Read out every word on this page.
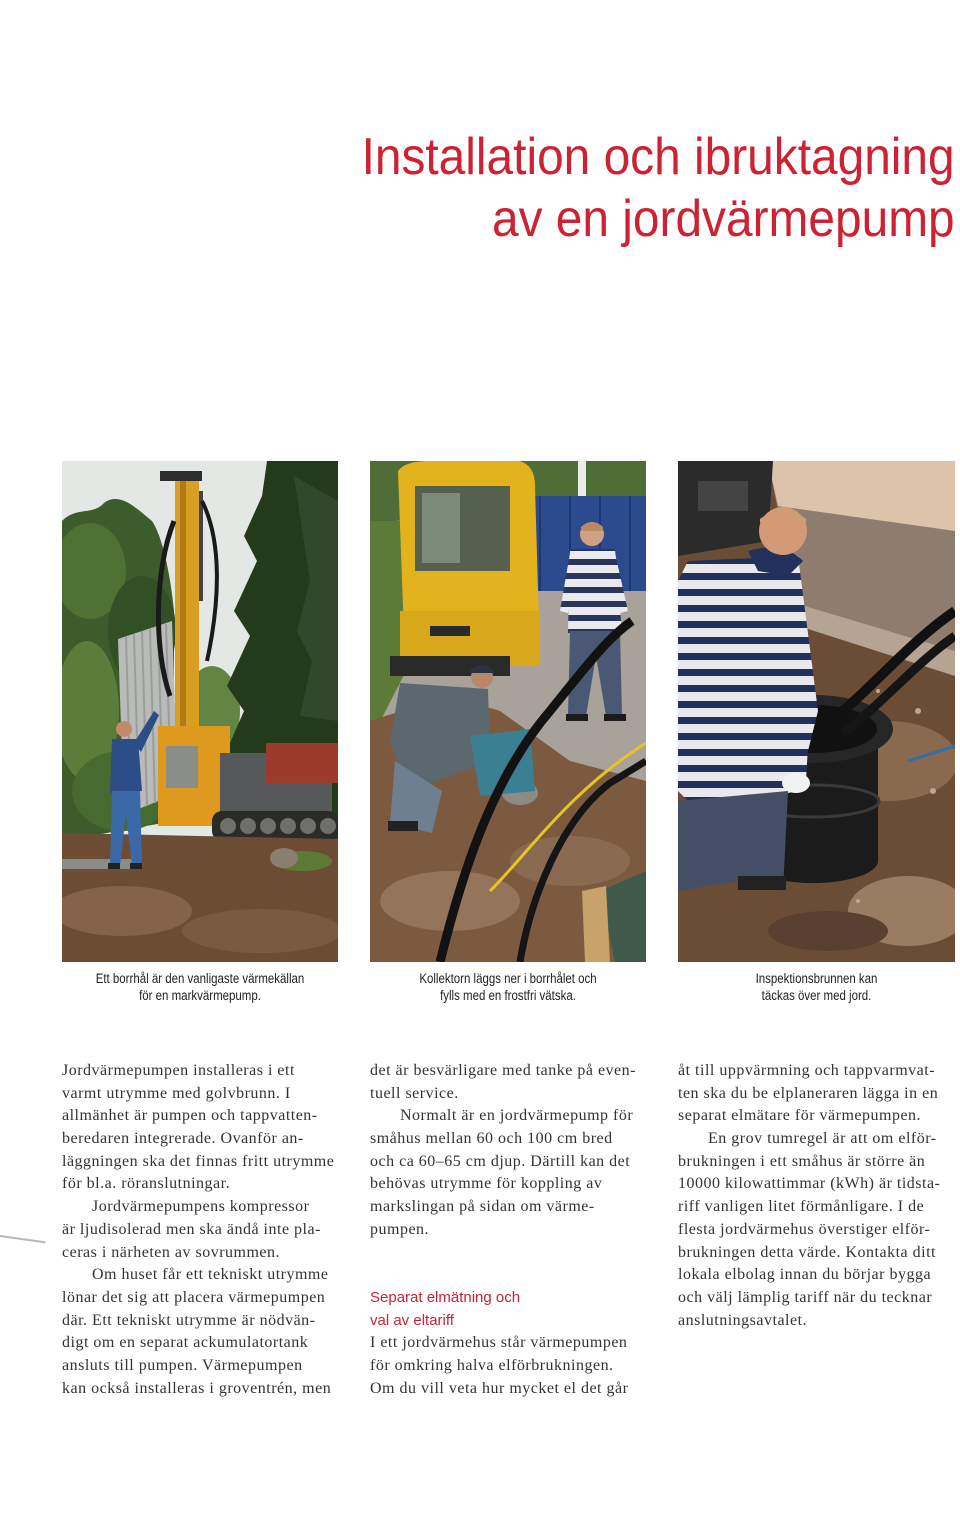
Installation och ibruktagning
av en jordvärmepump
Ett borrhål är den vanligaste värmekällan
för en markvärmepump.
Kollektorn läggs ner i borrhålet och
fylls med en frostfri vätska.
Inspektionsbrunnen kan
täckas över med jord.
Jordvärmepumpen installeras i ett
varmt utrymme med golvbrunn. I
allmänhet är pumpen och tappvatten-
beredaren integrerade. Ovanför an-
läggningen ska det finnas fritt utrymme
för bl.a. röranslutningar.
Jordvärmepumpens kompressor
är ljudisolerad men ska ändå inte pla-
ceras i närheten av sovrummen.
Om huset får ett tekniskt utrymme
lönar det sig att placera värmepumpen
där. Ett tekniskt utrymme är nödvän-
digt om en separat ackumulatortank
ansluts till pumpen. Värmepumpen
kan också installeras i groventrén, men
det är besvärligare med tanke på even-
tuell service.
Normalt är en jordvärmepump för
småhus mellan 60 och 100 cm bred
och ca 60–65 cm djup. Därtill kan det
behövas utrymme för koppling av
markslingan på sidan om värme-
pumpen.
Separat elmätning och
val av eltariff
I ett jordvärmehus står värmepumpen
för omkring halva elförbrukningen.
Om du vill veta hur mycket el det går
åt till uppvärmning och tappvarmvat-
ten ska du be elplaneraren lägga in en
separat elmätare för värmepumpen.
En grov tumregel är att om elför-
brukningen i ett småhus är större än
10000 kilowattimmar (kWh) är tidsta-
riff vanligen litet förmånligare. I de
flesta jordvärmehus överstiger elför-
brukningen detta värde. Kontakta ditt
lokala elbolag innan du börjar bygga
och välj lämplig tariff när du tecknar
anslutningsavtalet.
